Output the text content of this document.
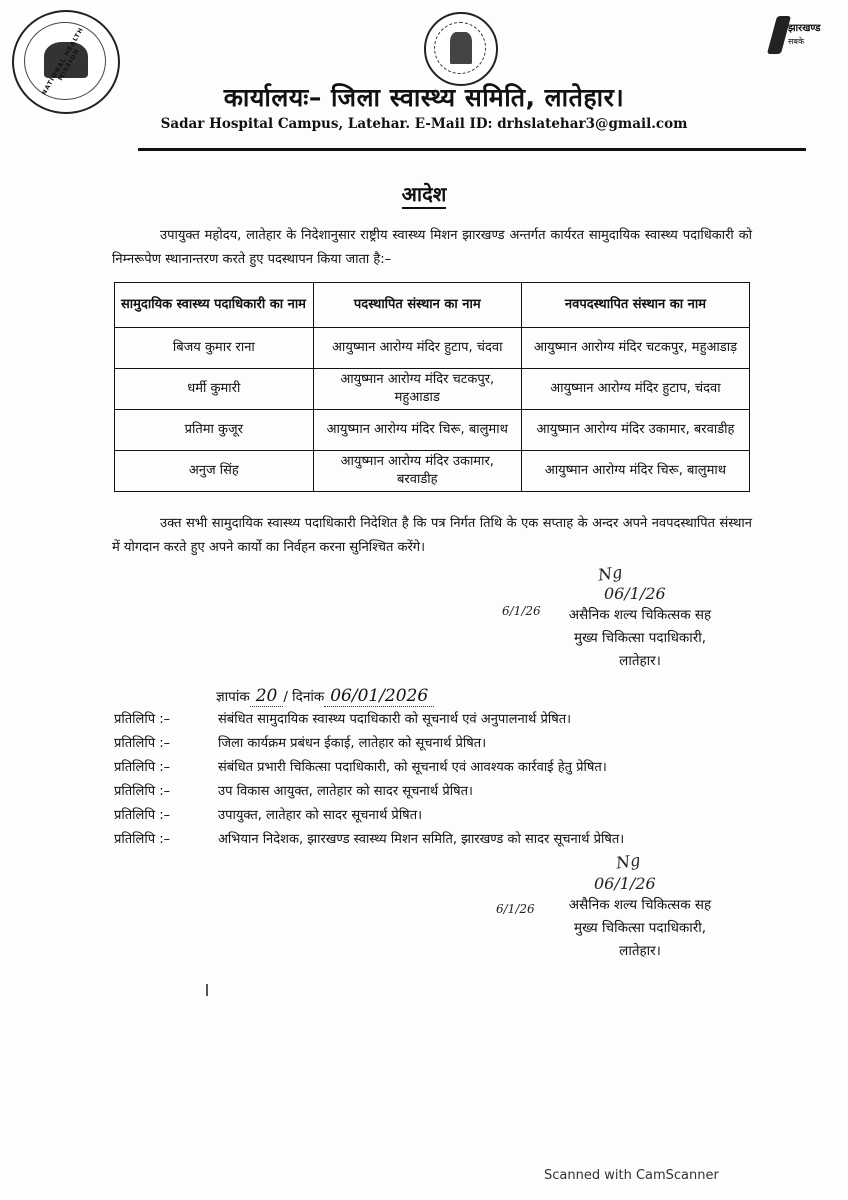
NATIONAL HEALTH MISSION
झारखण्ड
सबके
कार्यालयः– जिला स्वास्थ्य समिति, लातेहार।
Sadar Hospital Campus, Latehar. E-Mail ID: drhslatehar3@gmail.com
आदेश
उपायुक्त महोदय, लातेहार के निदेशानुसार राष्ट्रीय स्वास्थ्य मिशन झारखण्ड अन्तर्गत कार्यरत सामुदायिक स्वास्थ्य पदाधिकारी को निम्नरूपेण स्थानान्तरण करते हुए पदस्थापन किया जाता है:–
सामुदायिक स्वास्थ्य पदाधिकारी का नाम	पदस्थापित संस्थान का नाम	नवपदस्थापित संस्थान का नाम
बिजय कुमार राना	आयुष्मान आरोग्य मंदिर हुटाप, चंदवा	आयुष्मान आरोग्य मंदिर चटकपुर, महुआडाड़
धर्मी कुमारी	आयुष्मान आरोग्य मंदिर चटकपुर, महुआडाड	आयुष्मान आरोग्य मंदिर हुटाप, चंदवा
प्रतिमा कुजूर	आयुष्मान आरोग्य मंदिर चिरू, बालुमाथ	आयुष्मान आरोग्य मंदिर उकामार, बरवाडीह
अनुज सिंह	आयुष्मान आरोग्य मंदिर उकामार, बरवाडीह	आयुष्मान आरोग्य मंदिर चिरू, बालुमाथ
उक्त सभी सामुदायिक स्वास्थ्य पदाधिकारी निदेशित है कि पत्र निर्गत तिथि के एक सप्ताह के अन्दर अपने नवपदस्थापित संस्थान में योगदान करते हुए अपने कार्यो का निर्वहन करना सुनिश्चित करेंगे।
Ng
06/1/26
6/1/26	असैनिक शल्य चिकित्सक सह
मुख्य चिकित्सा पदाधिकारी,
लातेहार।
ज्ञापांक 20 / दिनांक 06/01/2026
प्रतिलिपि :–	संबंधित सामुदायिक स्वास्थ्य पदाधिकारी को सूचनार्थ एवं अनुपालनार्थ प्रेषित।
प्रतिलिपि :–	जिला कार्यक्रम प्रबंधन ईकाई, लातेहार को सूचनार्थ प्रेषित।
प्रतिलिपि :–	संबंधित प्रभारी चिकित्सा पदाधिकारी, को सूचनार्थ एवं आवश्यक कार्रवाई हेतु प्रेषित।
प्रतिलिपि :–	उप विकास आयुक्त, लातेहार को सादर सूचनार्थ प्रेषित।
प्रतिलिपि :–	उपायुक्त, लातेहार को सादर सूचनार्थ प्रेषित।
प्रतिलिपि :–	अभियान निदेशक, झारखण्ड स्वास्थ्य मिशन समिति, झारखण्ड को सादर सूचनार्थ प्रेषित।
Ng
06/1/26
6/1/26	असैनिक शल्य चिकित्सक सह
मुख्य चिकित्सा पदाधिकारी,
लातेहार।
Scanned with CamScanner
